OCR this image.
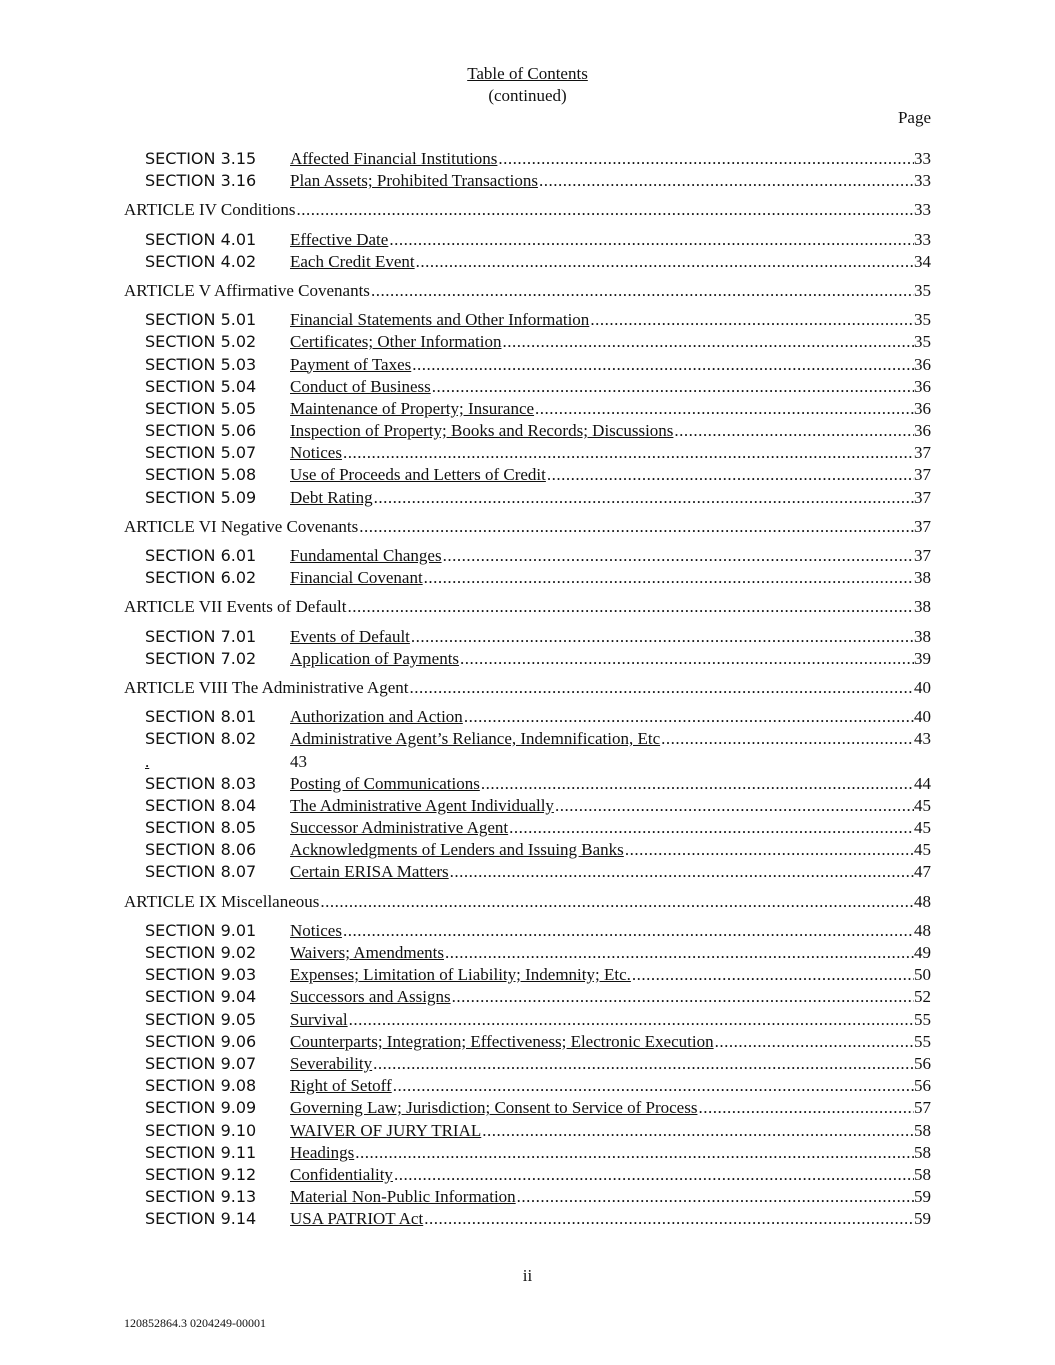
Table of Contents
(continued)
Page
SECTION 3.15 Affected Financial Institutions .....	33
SECTION 3.16 Plan Assets; Prohibited Transactions .....	33
ARTICLE IV Conditions .....	33
SECTION 4.01 Effective Date .....	33
SECTION 4.02 Each Credit Event .....	34
ARTICLE V Affirmative Covenants .....	35
SECTION 5.01 Financial Statements and Other Information .....	35
SECTION 5.02 Certificates; Other Information .....	35
SECTION 5.03 Payment of Taxes .....	36
SECTION 5.04 Conduct of Business .....	36
SECTION 5.05 Maintenance of Property; Insurance .....	36
SECTION 5.06 Inspection of Property; Books and Records; Discussions .....	36
SECTION 5.07 Notices .....	37
SECTION 5.08 Use of Proceeds and Letters of Credit .....	37
SECTION 5.09 Debt Rating .....	37
ARTICLE VI Negative Covenants .....	37
SECTION 6.01 Fundamental Changes .....	37
SECTION 6.02 Financial Covenant .....	38
ARTICLE VII Events of Default .....	38
SECTION 7.01 Events of Default .....	38
SECTION 7.02 Application of Payments .....	39
ARTICLE VIII The Administrative Agent .....	40
SECTION 8.01 Authorization and Action .....	40
SECTION 8.02 Administrative Agent’s Reliance, Indemnification, Etc .....	43
.	43
SECTION 8.03 Posting of Communications .....	44
SECTION 8.04 The Administrative Agent Individually .....	45
SECTION 8.05 Successor Administrative Agent .....	45
SECTION 8.06 Acknowledgments of Lenders and Issuing Banks .....	45
SECTION 8.07 Certain ERISA Matters .....	47
ARTICLE IX Miscellaneous .....	48
SECTION 9.01 Notices .....	48
SECTION 9.02 Waivers; Amendments .....	49
SECTION 9.03 Expenses; Limitation of Liability; Indemnity; Etc. .....	50
SECTION 9.04 Successors and Assigns .....	52
SECTION 9.05 Survival .....	55
SECTION 9.06 Counterparts; Integration; Effectiveness; Electronic Execution .....	55
SECTION 9.07 Severability .....	56
SECTION 9.08 Right of Setoff .....	56
SECTION 9.09 Governing Law; Jurisdiction; Consent to Service of Process .....	57
SECTION 9.10 WAIVER OF JURY TRIAL .....	58
SECTION 9.11 Headings .....	58
SECTION 9.12 Confidentiality .....	58
SECTION 9.13 Material Non-Public Information .....	59
SECTION 9.14 USA PATRIOT Act .....	59
ii
120852864.3 0204249-00001
